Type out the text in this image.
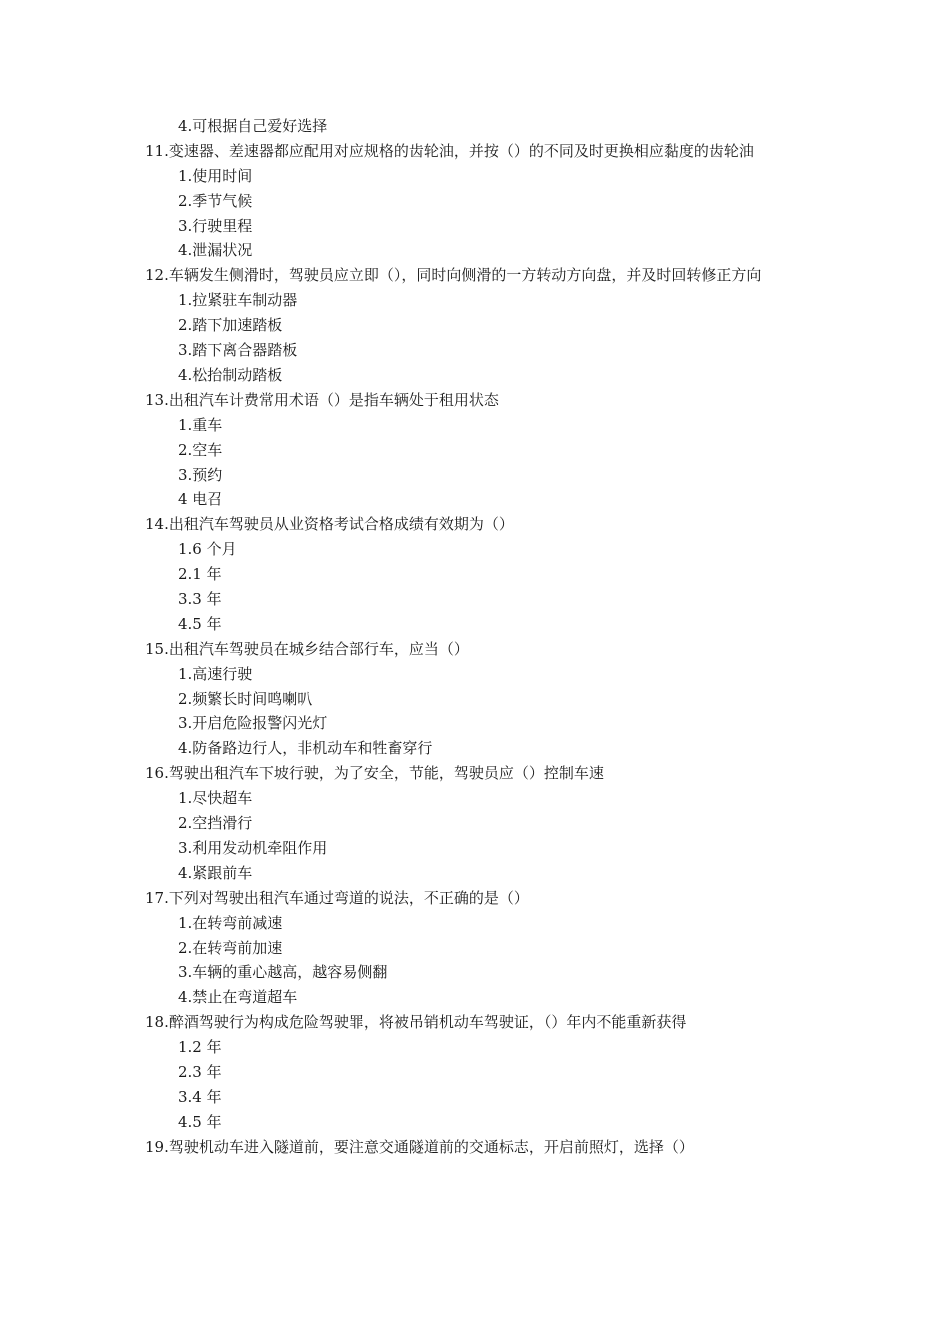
4.可根据自己爱好选择
11.变速器、差速器都应配用对应规格的齿轮油，并按（）的不同及时更换相应黏度的齿轮油
1.使用时间
2.季节气候
3.行驶里程
4.泄漏状况
12.车辆发生侧滑时，驾驶员应立即（），同时向侧滑的一方转动方向盘，并及时回转修正方向
1.拉紧驻车制动器
2.踏下加速踏板
3.踏下离合器踏板
4.松抬制动踏板
13.出租汽车计费常用术语（）是指车辆处于租用状态
1.重车
2.空车
3.预约
4 电召
14.出租汽车驾驶员从业资格考试合格成绩有效期为（）
1.6 个月
2.1 年
3.3 年
4.5 年
15.出租汽车驾驶员在城乡结合部行车，应当（）
1.高速行驶
2.频繁长时间鸣喇叭
3.开启危险报警闪光灯
4.防备路边行人，非机动车和牲畜穿行
16.驾驶出租汽车下坡行驶，为了安全，节能，驾驶员应（）控制车速
1.尽快超车
2.空挡滑行
3.利用发动机牵阻作用
4.紧跟前车
17.下列对驾驶出租汽车通过弯道的说法，不正确的是（）
1.在转弯前减速
2.在转弯前加速
3.车辆的重心越高，越容易侧翻
4.禁止在弯道超车
18.醉酒驾驶行为构成危险驾驶罪，将被吊销机动车驾驶证，（）年内不能重新获得
1.2 年
2.3 年
3.4 年
4.5 年
19.驾驶机动车进入隧道前，要注意交通隧道前的交通标志，开启前照灯，选择（）
